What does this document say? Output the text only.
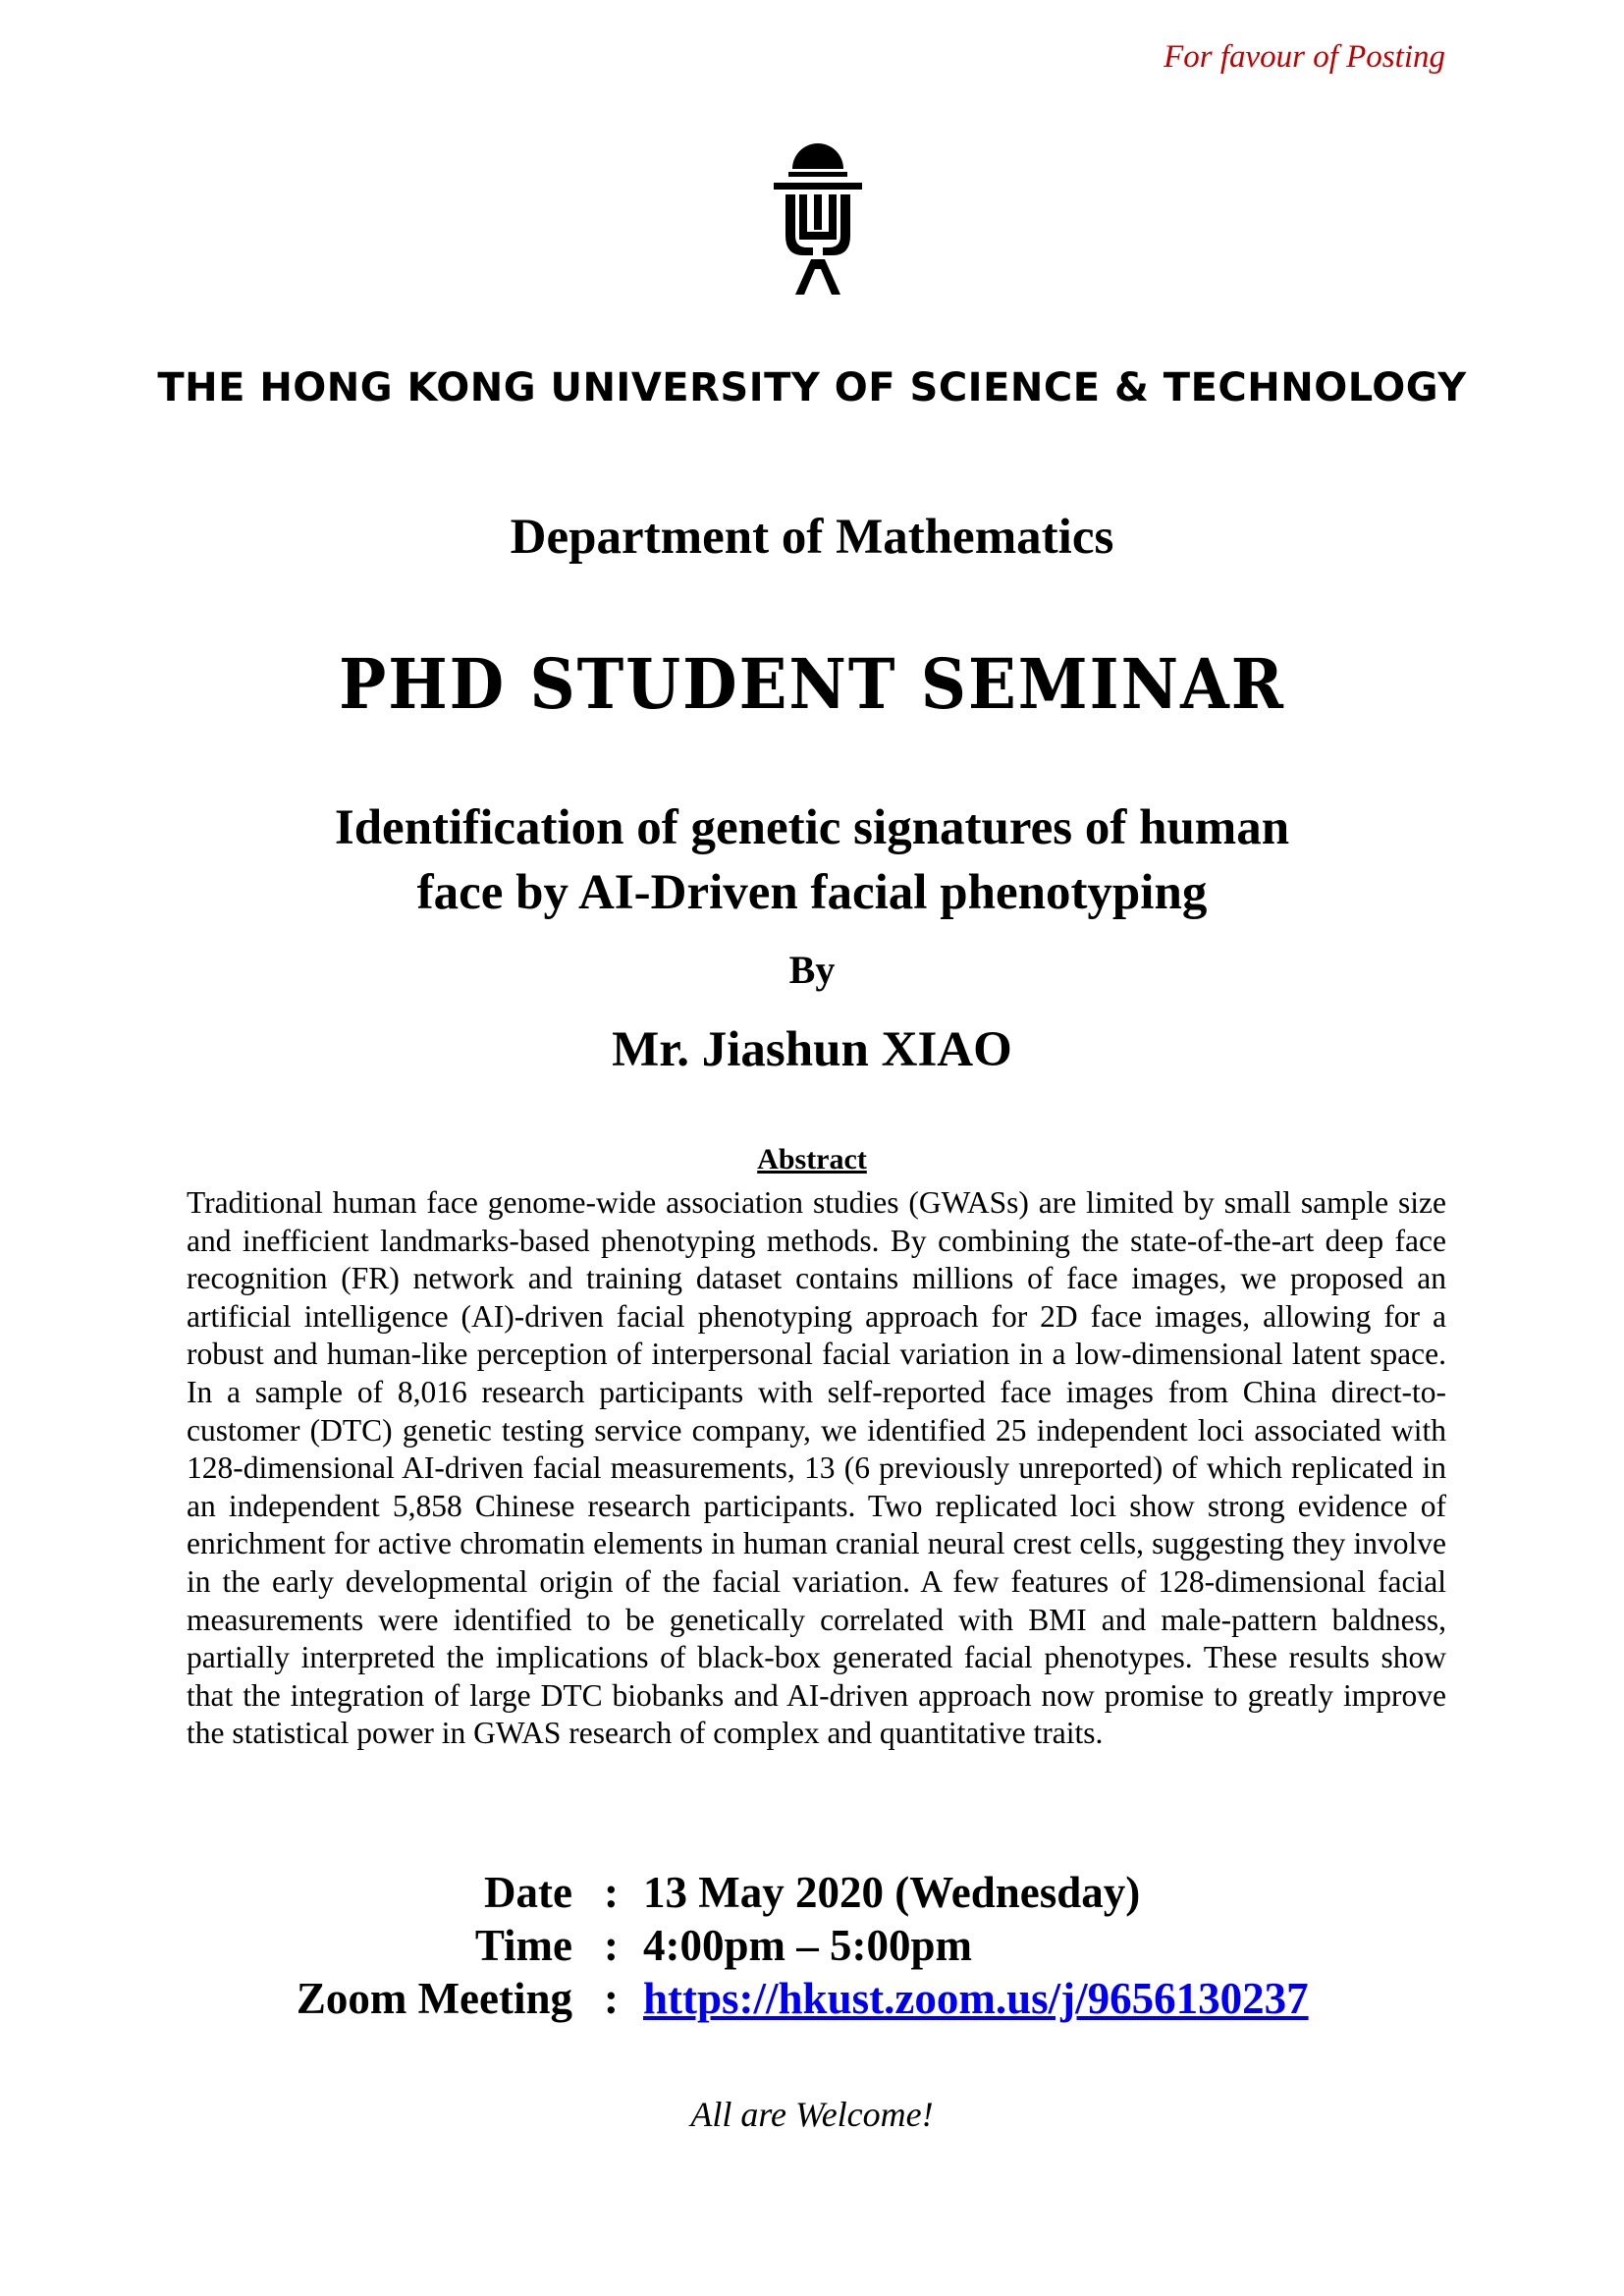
For favour of Posting
THE HONG KONG UNIVERSITY OF SCIENCE & TECHNOLOGY
Department of Mathematics
PHD STUDENT SEMINAR
Identification of genetic signatures of human
face by AI-Driven facial phenotyping
By
Mr. Jiashun XIAO
Abstract
Traditional human face genome-wide association studies (GWASs) are limited by small sample size and inefficient landmarks-based phenotyping methods. By combining the state-of-the-art deep face recognition (FR) network and training dataset contains millions of face images, we proposed an artificial intelligence (AI)-driven facial phenotyping approach for 2D face images, allowing for a robust and human-like perception of interpersonal facial variation in a low-dimensional latent space. In a sample of 8,016 research participants with self-reported face images from China direct-to-customer (DTC) genetic testing service company, we identified 25 independent loci associated with 128-dimensional AI-driven facial measurements, 13 (6 previously unreported) of which replicated in an independent 5,858 Chinese research participants. Two replicated loci show strong evidence of enrichment for active chromatin elements in human cranial neural crest cells, suggesting they involve in the early developmental origin of the facial variation. A few features of 128-dimensional facial measurements were identified to be genetically correlated with BMI and male-pattern baldness, partially interpreted the implications of black-box generated facial phenotypes. These results show that the integration of large DTC biobanks and AI-driven approach now promise to greatly improve the statistical power in GWAS research of complex and quantitative traits.
Date : 13 May 2020 (Wednesday)
Time : 4:00pm – 5:00pm
Zoom Meeting : https://hkust.zoom.us/j/9656130237
All are Welcome!
